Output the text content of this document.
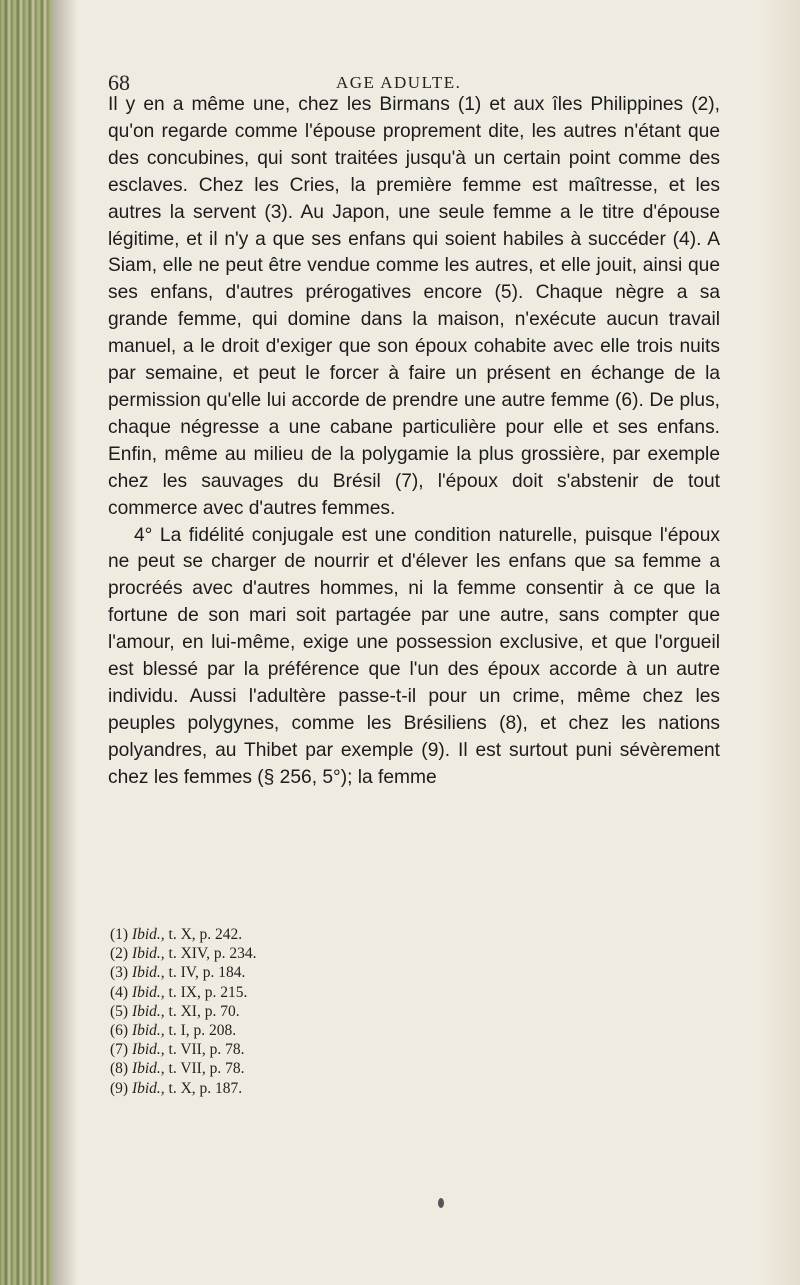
68	AGE ADULTE.

Il y en a même une, chez les Birmans (1) et aux îles Philippines (2), qu'on regarde comme l'épouse proprement dite, les autres n'étant que des concubines, qui sont traitées jusqu'à un certain point comme des esclaves. Chez les Cries, la première femme est maîtresse, et les autres la servent (3). Au Japon, une seule femme a le titre d'épouse légitime, et il n'y a que ses enfans qui soient habiles à succéder (4). A Siam, elle ne peut être vendue comme les autres, et elle jouit, ainsi que ses enfans, d'autres prérogatives encore (5). Chaque nègre a sa grande femme, qui domine dans la maison, n'exécute aucun travail manuel, a le droit d'exiger que son époux cohabite avec elle trois nuits par semaine, et peut le forcer à faire un présent en échange de la permission qu'elle lui accorde de prendre une autre femme (6). De plus, chaque négresse a une cabane particulière pour elle et ses enfans. Enfin, même au milieu de la polygamie la plus grossière, par exemple chez les sauvages du Brésil (7), l'époux doit s'abstenir de tout commerce avec d'autres femmes.

4° La fidélité conjugale est une condition naturelle, puisque l'époux ne peut se charger de nourrir et d'élever les enfans que sa femme a procréés avec d'autres hommes, ni la femme consentir à ce que la fortune de son mari soit partagée par une autre, sans compter que l'amour, en lui-même, exige une possession exclusive, et que l'orgueil est blessé par la préférence que l'un des époux accorde à un autre individu. Aussi l'adultère passe-t-il pour un crime, même chez les peuples polygynes, comme les Brésiliens (8), et chez les nations polyandres, au Thibet par exemple (9). Il est surtout puni sévèrement chez les femmes (§ 256, 5°); la femme

(1) Ibid., t. X, p. 242.
(2) Ibid., t. XIV, p. 234.
(3) Ibid., t. IV, p. 184.
(4) Ibid., t. IX, p. 215.
(5) Ibid., t. XI, p. 70.
(6) Ibid., t. I, p. 208.
(7) Ibid., t. VII, p. 78.
(8) Ibid., t. VII, p. 78.
(9) Ibid., t. X, p. 187.
